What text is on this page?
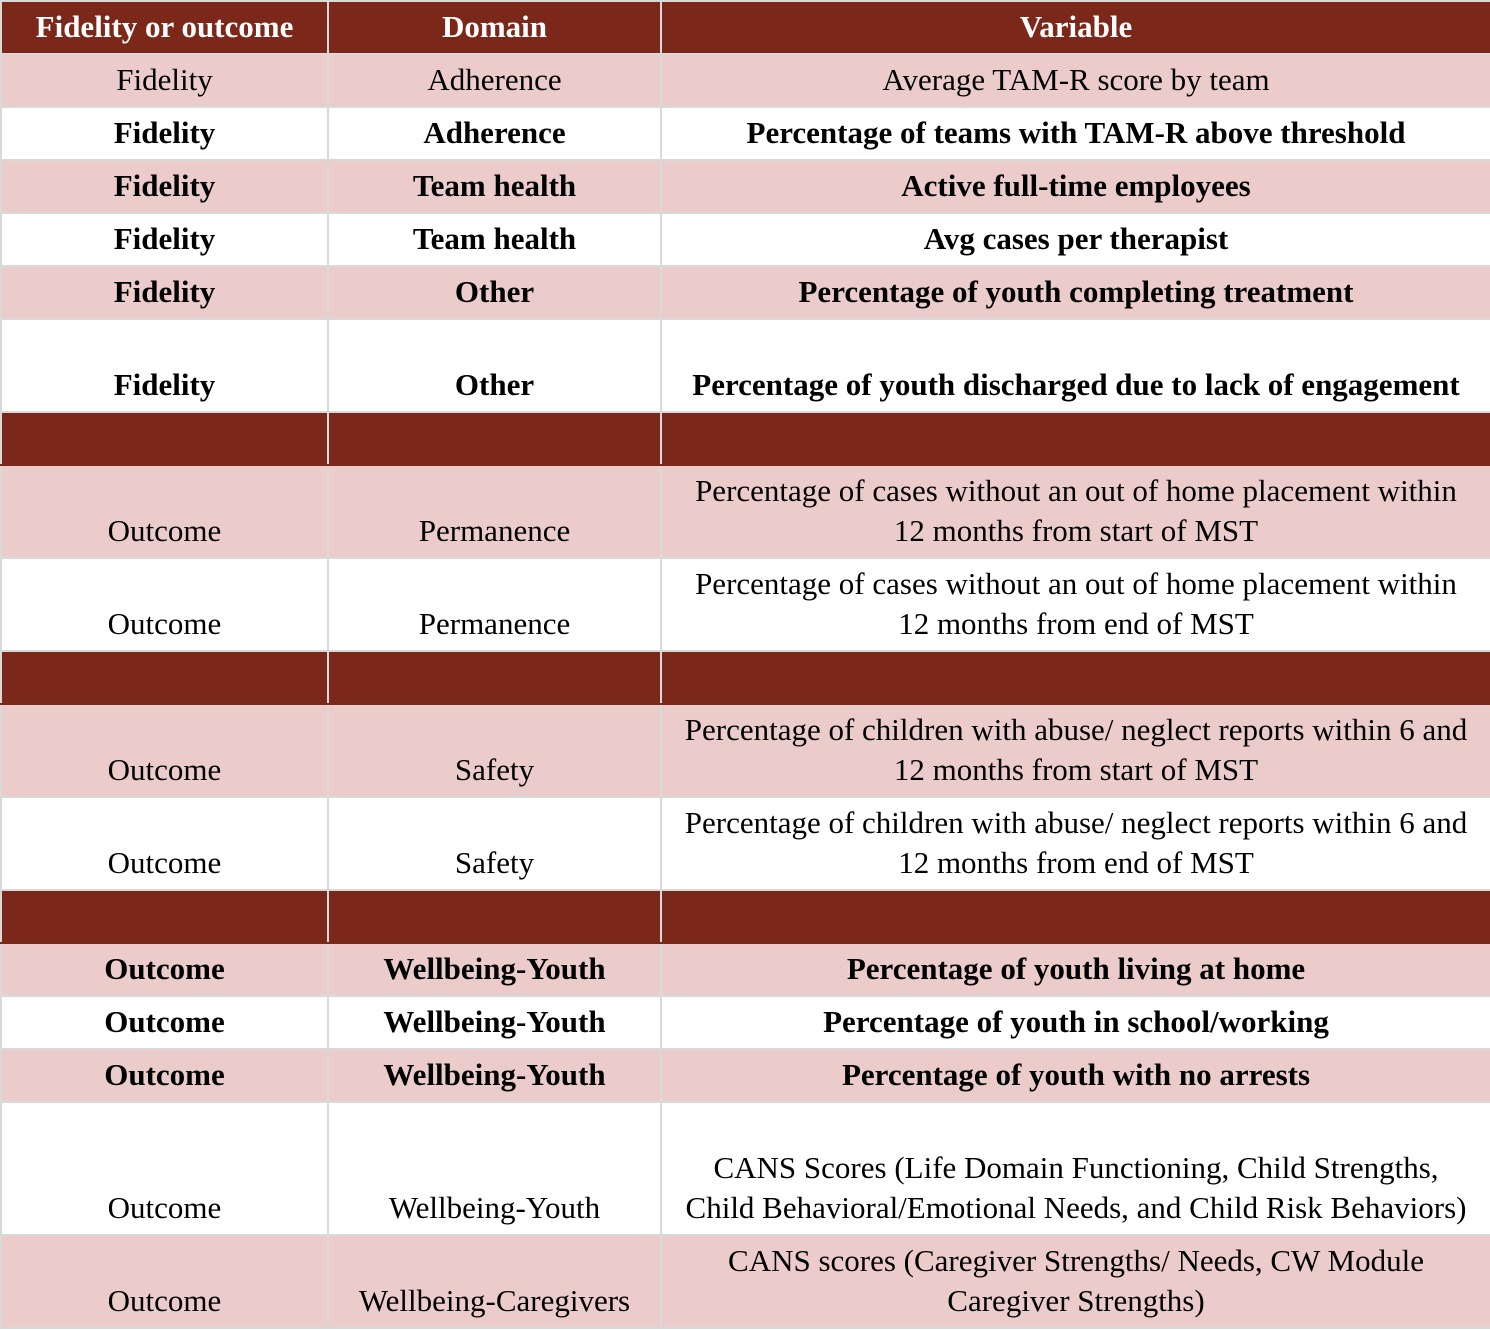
Fidelity or outcome	Domain	Variable
Fidelity	Adherence	Average TAM-R score by team
Fidelity	Adherence	Percentage of teams with TAM-R above threshold
Fidelity	Team health	Active full-time employees
Fidelity	Team health	Avg cases per therapist
Fidelity	Other	Percentage of youth completing treatment
Fidelity	Other	Percentage of youth discharged due to lack of engagement

Outcome	Permanence	Percentage of cases without an out of home placement within 12 months from start of MST
Outcome	Permanence	Percentage of cases without an out of home placement within 12 months from end of MST

Outcome	Safety	Percentage of children with abuse/ neglect reports within 6 and 12 months from start of MST
Outcome	Safety	Percentage of children with abuse/ neglect reports within 6 and 12 months from end of MST

Outcome	Wellbeing-Youth	Percentage of youth living at home
Outcome	Wellbeing-Youth	Percentage of youth in school/working
Outcome	Wellbeing-Youth	Percentage of youth with no arrests
Outcome	Wellbeing-Youth	CANS Scores (Life Domain Functioning, Child Strengths, Child Behavioral/Emotional Needs, and Child Risk Behaviors)
Outcome	Wellbeing-Caregivers	CANS scores (Caregiver Strengths/ Needs, CW Module Caregiver Strengths)
